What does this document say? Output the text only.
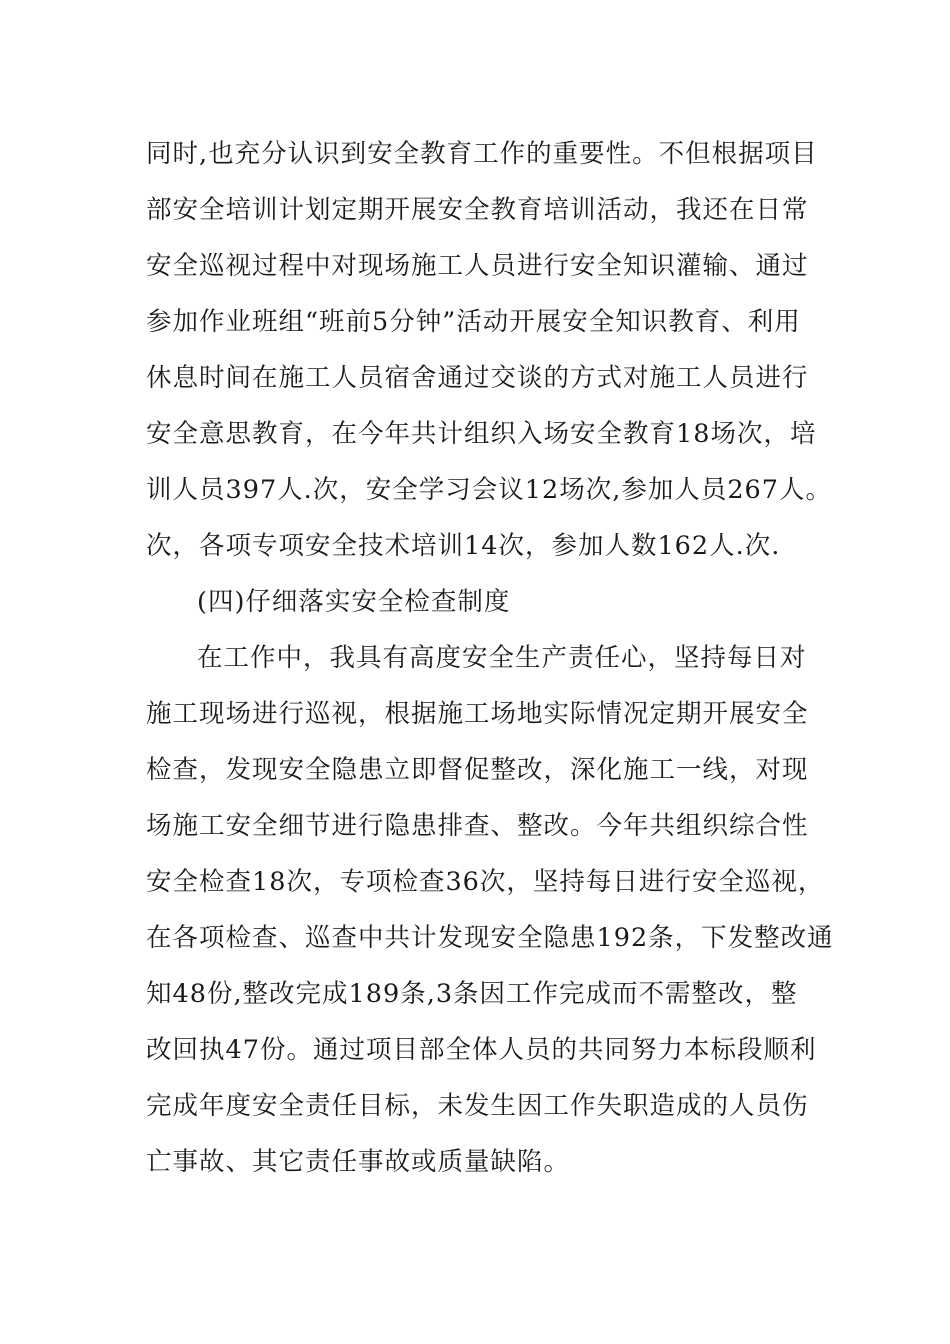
同时,也充分认识到安全教育工作的重要性。不但根据项目
部安全培训计划定期开展安全教育培训活动，我还在日常
安全巡视过程中对现场施工人员进行安全知识灌输、通过
参加作业班组“班前5分钟”活动开展安全知识教育、利用
休息时间在施工人员宿舍通过交谈的方式对施工人员进行
安全意思教育，在今年共计组织入场安全教育18场次，培
训人员397人.次，安全学习会议12场次,参加人员267人。
次，各项专项安全技术培训14次，参加人数162人.次.
(四)仔细落实安全检查制度
在工作中，我具有高度安全生产责任心，坚持每日对
施工现场进行巡视，根据施工场地实际情况定期开展安全
检查，发现安全隐患立即督促整改，深化施工一线，对现
场施工安全细节进行隐患排查、整改。今年共组织综合性
安全检查18次，专项检查36次，坚持每日进行安全巡视，
在各项检查、巡查中共计发现安全隐患192条，下发整改通
知48份,整改完成189条,3条因工作完成而不需整改，整
改回执47份。通过项目部全体人员的共同努力本标段顺利
完成年度安全责任目标，未发生因工作失职造成的人员伤
亡事故、其它责任事故或质量缺陷。
